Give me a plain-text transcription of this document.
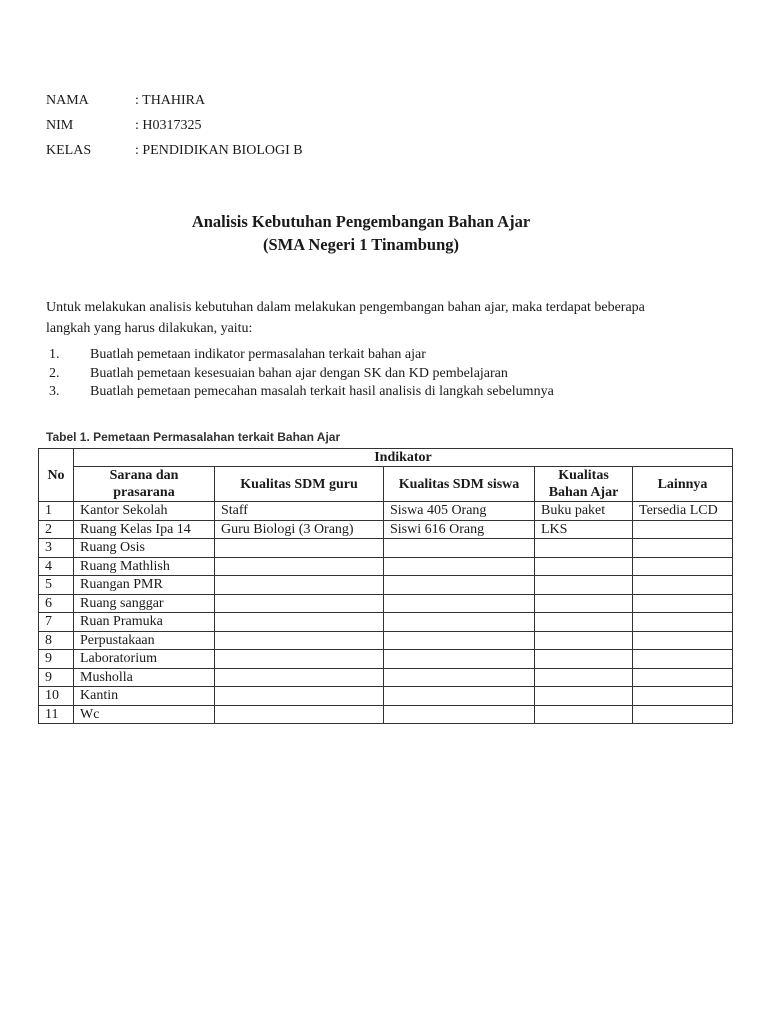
NAMA	: THAHIRA
NIM	: H0317325
KELAS	: PENDIDIKAN BIOLOGI B
Analisis Kebutuhan Pengembangan Bahan Ajar
(SMA Negeri 1 Tinambung)

Untuk melakukan analisis kebutuhan dalam melakukan pengembangan bahan ajar, maka terdapat beberapa langkah yang harus dilakukan, yaitu:

1.	Buatlah pemetaan indikator permasalahan terkait bahan ajar
2.	Buatlah pemetaan kesesuaian bahan ajar dengan SK dan KD pembelajaran
3.	Buatlah pemetaan pemecahan masalah terkait hasil analisis di langkah sebelumnya
Tabel 1. Pemetaan Permasalahan terkait Bahan Ajar
No	Indikator				
	Sarana dan prasarana	Kualitas SDM guru	Kualitas SDM siswa	Kualitas Bahan Ajar	Lainnya
1	Kantor Sekolah	Staff	Siswa 405 Orang	Buku paket	Tersedia LCD
2	Ruang Kelas Ipa 14	Guru Biologi (3 Orang)	Siswi 616 Orang	LKS	
3	Ruang Osis				
4	Ruang Mathlish				
5	Ruangan PMR				
6	Ruang sanggar				
7	Ruan Pramuka				
8	Perpustakaan				
9	Laboratorium				
9	Musholla				
10	Kantin				
11	Wc				
